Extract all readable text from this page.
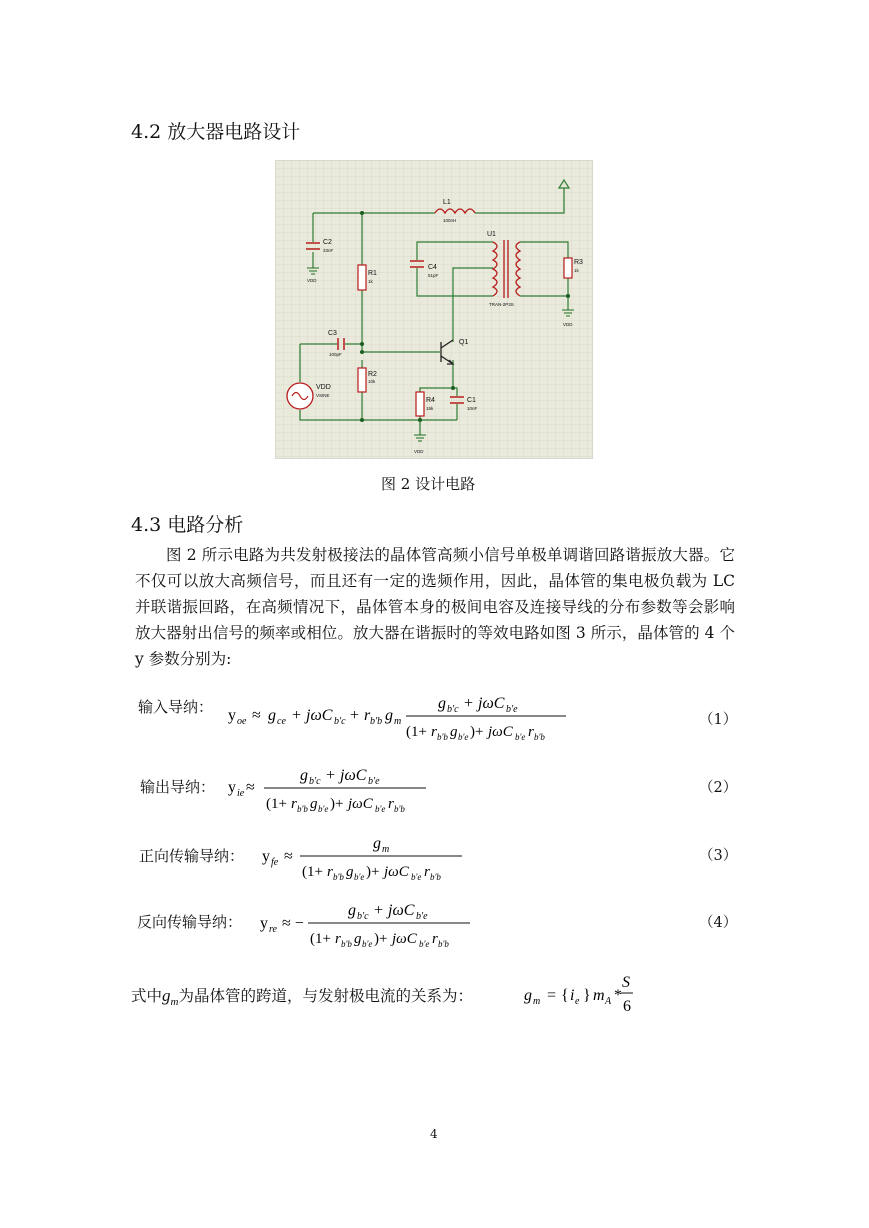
4.2 放大器电路设计
L1
100nH
U1
TRAN-2P3S
C2
33nF
VDD
C4
51pF
R1
1k
R3
1k
VDD
C3
100pF
Q1
R2
10k
VDD
VSINE
R4
15k
C1
10nF
VDD
图 2 设计电路
4.3 电路分析

图 2 所示电路为共发射极接法的晶体管高频小信号单极单调谐回路谐振放大器。它不仅可以放大高频信号，而且还有一定的选频作用，因此，晶体管的集电极负载为 LC 并联谐振回路，在高频情况下，晶体管本身的极间电容及连接导线的分布参数等会影响放大器射出信号的频率或相位。放大器在谐振时的等效电路如图 3 所示，晶体管的 4 个 y 参数分别为:

输入导纳： y oe ≈ g ce + jωC b'c + r b'b g m
g b'c + jωC b'e
(1+ r b'b g b'e )+ jωC b'e r b'b
（1）
输出导纳： y ie ≈
g b'c + jωC b'e
(1+ r b'b g b'e )+ jωC b'e r b'b
（2）
正向传输导纳： y fe ≈
g m
(1+ r b'b g b'e )+ jωC b'e r b'b
（3）
反向传输导纳： y re ≈ −
g b'c + jωC b'e
(1+ r b'b g b'e )+ jωC b'e r b'b
（4）
式中$g_m$为晶体管的跨道，与发射极电流的关系为：	g m = { i e } m A *
S
6
4
